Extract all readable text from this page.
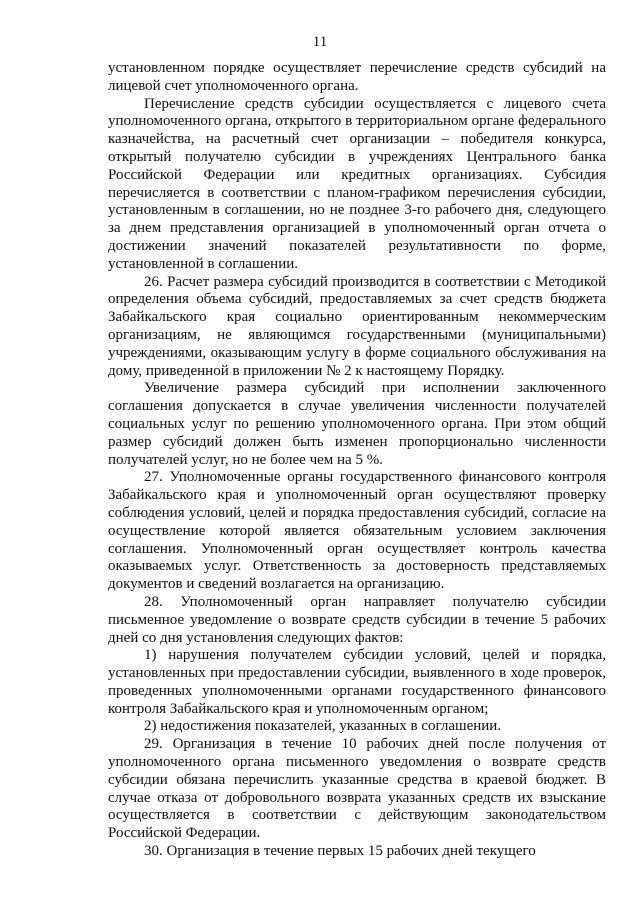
11

установленном порядке осуществляет перечисление средств субсидий на лицевой счет уполномоченного органа.

Перечисление средств субсидии осуществляется с лицевого счета уполномоченного органа, открытого в территориальном органе федерального казначейства, на расчетный счет организации – победителя конкурса, открытый получателю субсидии в учреждениях Центрального банка Российской Федерации или кредитных организациях. Субсидия перечисляется в соответствии с планом-графиком перечисления субсидии, установленным в соглашении, но не позднее 3-го рабочего дня, следующего за днем представления организацией в уполномоченный орган отчета о достижении значений показателей результативности по форме, установленной в соглашении.

26. Расчет размера субсидий производится в соответствии с Методикой определения объема субсидий, предоставляемых за счет средств бюджета Забайкальского края социально ориентированным некоммерческим организациям, не являющимся государственными (муниципальными) учреждениями, оказывающим услугу в форме социального обслуживания на дому, приведенной в приложении № 2 к настоящему Порядку.

Увеличение размера субсидий при исполнении заключенного соглашения допускается в случае увеличения численности получателей социальных услуг по решению уполномоченного органа. При этом общий размер субсидий должен быть изменен пропорционально численности получателей услуг, но не более чем на 5 %.

27. Уполномоченные органы государственного финансового контроля Забайкальского края и уполномоченный орган осуществляют проверку соблюдения условий, целей и порядка предоставления субсидий, согласие на осуществление которой является обязательным условием заключения соглашения. Уполномоченный орган осуществляет контроль качества оказываемых услуг. Ответственность за достоверность представляемых документов и сведений возлагается на организацию.

28. Уполномоченный орган направляет получателю субсидии письменное уведомление о возврате средств субсидии в течение 5 рабочих дней со дня установления следующих фактов:

1) нарушения получателем субсидии условий, целей и порядка, установленных при предоставлении субсидии, выявленного в ходе проверок, проведенных уполномоченными органами государственного финансового контроля Забайкальского края и уполномоченным органом;

2) недостижения показателей, указанных в соглашении.

29. Организация в течение 10 рабочих дней после получения от уполномоченного органа письменного уведомления о возврате средств субсидии обязана перечислить указанные средства в краевой бюджет. В случае отказа от добровольного возврата указанных средств их взыскание осуществляется в соответствии с действующим законодательством Российской Федерации.

30. Организация в течение первых 15 рабочих дней текущего
